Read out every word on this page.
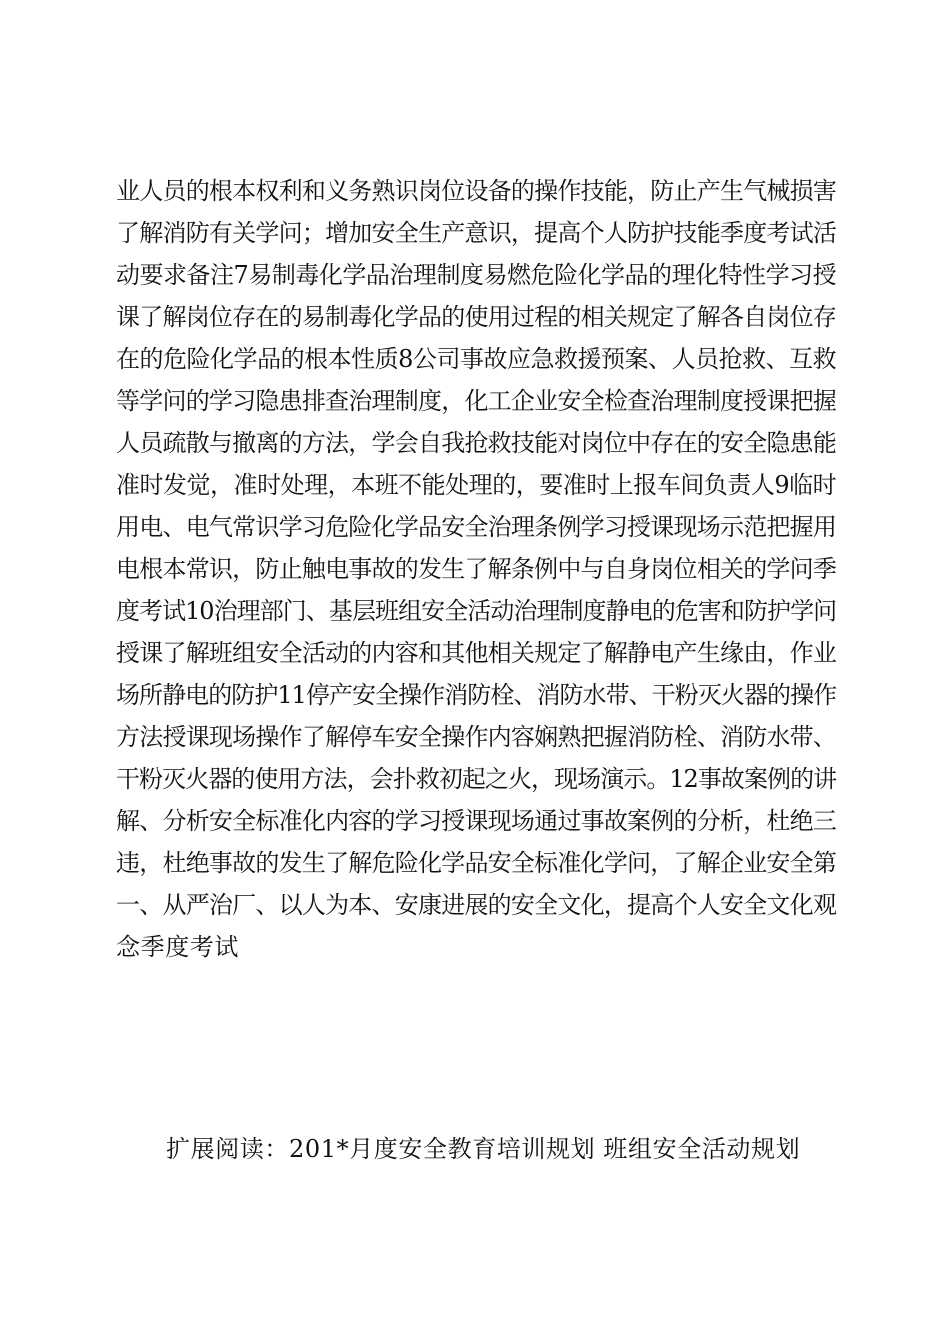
业人员的根本权利和义务熟识岗位设备的操作技能，防止产生气械损害
了解消防有关学问；增加安全生产意识，提高个人防护技能季度考试活
动要求备注7易制毒化学品治理制度易燃危险化学品的理化特性学习授
课了解岗位存在的易制毒化学品的使用过程的相关规定了解各自岗位存
在的危险化学品的根本性质8公司事故应急救援预案、人员抢救、互救
等学问的学习隐患排查治理制度，化工企业安全检查治理制度授课把握
人员疏散与撤离的方法，学会自我抢救技能对岗位中存在的安全隐患能
准时发觉，准时处理，本班不能处理的，要准时上报车间负责人9临时
用电、电气常识学习危险化学品安全治理条例学习授课现场示范把握用
电根本常识，防止触电事故的发生了解条例中与自身岗位相关的学问季
度考试10治理部门、基层班组安全活动治理制度静电的危害和防护学问
授课了解班组安全活动的内容和其他相关规定了解静电产生缘由，作业
场所静电的防护11停产安全操作消防栓、消防水带、干粉灭火器的操作
方法授课现场操作了解停车安全操作内容娴熟把握消防栓、消防水带、
干粉灭火器的使用方法，会扑救初起之火，现场演示。12事故案例的讲
解、分析安全标准化内容的学习授课现场通过事故案例的分析，杜绝三
违，杜绝事故的发生了解危险化学品安全标准化学问，了解企业安全第
一、从严治厂、以人为本、安康进展的安全文化，提高个人安全文化观
念季度考试
扩展阅读：201*月度安全教育培训规划 班组安全活动规划
